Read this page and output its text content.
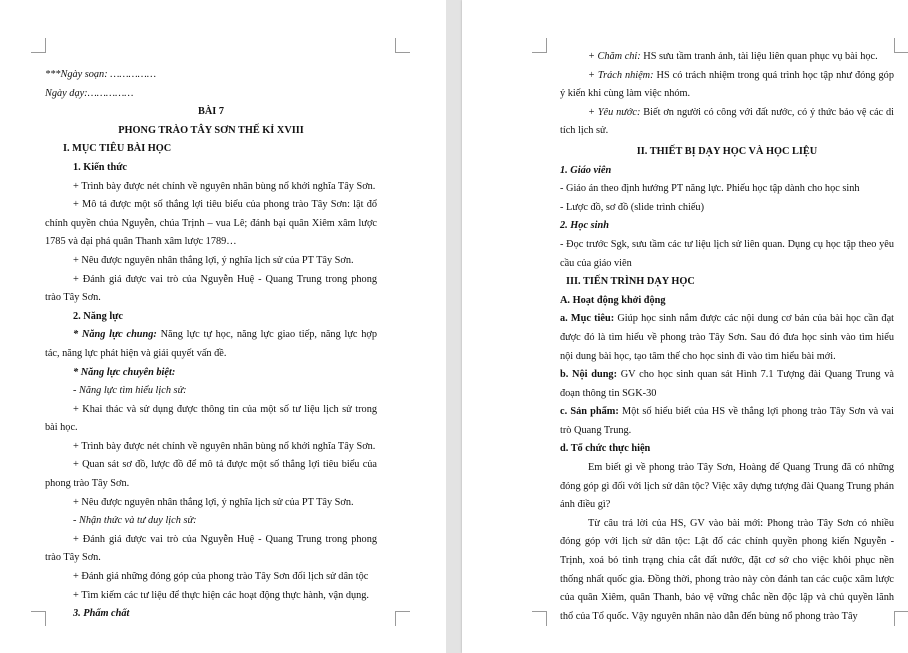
***Ngày soạn: ……………

Ngày dạy:……………

BÀI 7

PHONG TRÀO TÂY SƠN THẾ KỈ XVIII

I. MỤC TIÊU BÀI HỌC

1. Kiến thức

+ Trình bày được nét chính về nguyên nhân bùng nổ khởi nghĩa Tây Sơn.

+ Mô tả được một số thắng lợi tiêu biểu của phong trào Tây Sơn: lật đổ chính quyền chúa Nguyễn, chúa Trịnh – vua Lê; đánh bại quân Xiêm xâm lược 1785 và đại phá quân Thanh xâm lược 1789…

+ Nêu được nguyên nhân thắng lợi, ý nghĩa lịch sử của PT Tây Sơn.

+ Đánh giá được vai trò của Nguyễn Huệ - Quang Trung trong phong trào Tây Sơn.

2. Năng lực

* Năng lực chung: Năng lực tự học, năng lực giao tiếp, năng lực hợp tác, năng lực phát hiện và giải quyết vấn đề.

* Năng lực chuyên biệt:

- Năng lực tìm hiểu lịch sử:

+ Khai thác và sử dụng được thông tin của một số tư liệu lịch sử trong bài học.

+ Trình bày được nét chính về nguyên nhân bùng nổ khởi nghĩa Tây Sơn.

+ Quan sát sơ đồ, lược đồ để mô tả được một số thắng lợi tiêu biểu của phong trào Tây Sơn.

+ Nêu được nguyên nhân thắng lợi, ý nghĩa lịch sử của PT Tây Sơn.

- Nhận thức và tư duy lịch sử:

+ Đánh giá được vai trò của Nguyễn Huệ - Quang Trung trong phong trào Tây Sơn.

+ Đánh giá những đóng góp của phong trào Tây Sơn đối lịch sử dân tộc

+ Tìm kiếm các tư liệu để thực hiện các hoạt động thực hành, vận dụng.

3. Phẩm chất

+ Chăm chỉ: HS sưu tầm tranh ảnh, tài liệu liên quan phục vụ bài học.

+ Trách nhiệm: HS có trách nhiệm trong quá trình học tập như đóng góp ý kiến khi cùng làm việc nhóm.

+ Yêu nước: Biết ơn người có công với đất nước, có ý thức bảo vệ các di tích lịch sử.

II. THIẾT BỊ DẠY HỌC VÀ HỌC LIỆU

1. Giáo viên

- Giáo án theo định hướng PT năng lực. Phiếu học tập dành cho học sinh

- Lược đồ, sơ đồ (slide trình chiếu)

2. Học sinh

- Đọc trước Sgk, sưu tầm các tư liệu lịch sử liên quan. Dụng cụ học tập theo yêu cầu của giáo viên

III. TIẾN TRÌNH DẠY HỌC

A. Hoạt động khởi động

a. Mục tiêu: Giúp học sinh nắm được các nội dung cơ bản của bài học cần đạt được đó là tìm hiểu về phong trào Tây Sơn. Sau đó đưa học sinh vào tìm hiểu nội dung bài học, tạo tâm thế cho học sinh đi vào tìm hiểu bài mới.

b. Nội dung: GV cho học sinh quan sát Hình 7.1 Tượng đài Quang Trung và đoạn thông tin SGK-30

c. Sản phẩm: Một số hiểu biết của HS về thắng lợi phong trào Tây Sơn và vai trò Quang Trung.

d. Tổ chức thực hiện

Em biết gì về phong trào Tây Sơn, Hoàng đế Quang Trung đã có những đóng góp gì đối với lịch sử dân tộc? Việc xây dựng tượng đài Quang Trung phản ánh điều gì?

Từ câu trả lời của HS, GV vào bài mới: Phong trào Tây Sơn có nhiều đóng góp với lịch sử dân tộc: Lật đổ các chính quyền phong kiến Nguyễn - Trịnh, xoá bỏ tình trạng chia cắt đất nước, đặt cơ sở cho việc khôi phục nền thống nhất quốc gia. Đồng thời, phong trào này còn đánh tan các cuộc xâm lược của quân Xiêm, quân Thanh, bảo vệ vững chắc nền độc lập và chủ quyền lãnh thổ của Tổ quốc. Vậy nguyên nhân nào dẫn đến bùng nổ phong trào Tây
